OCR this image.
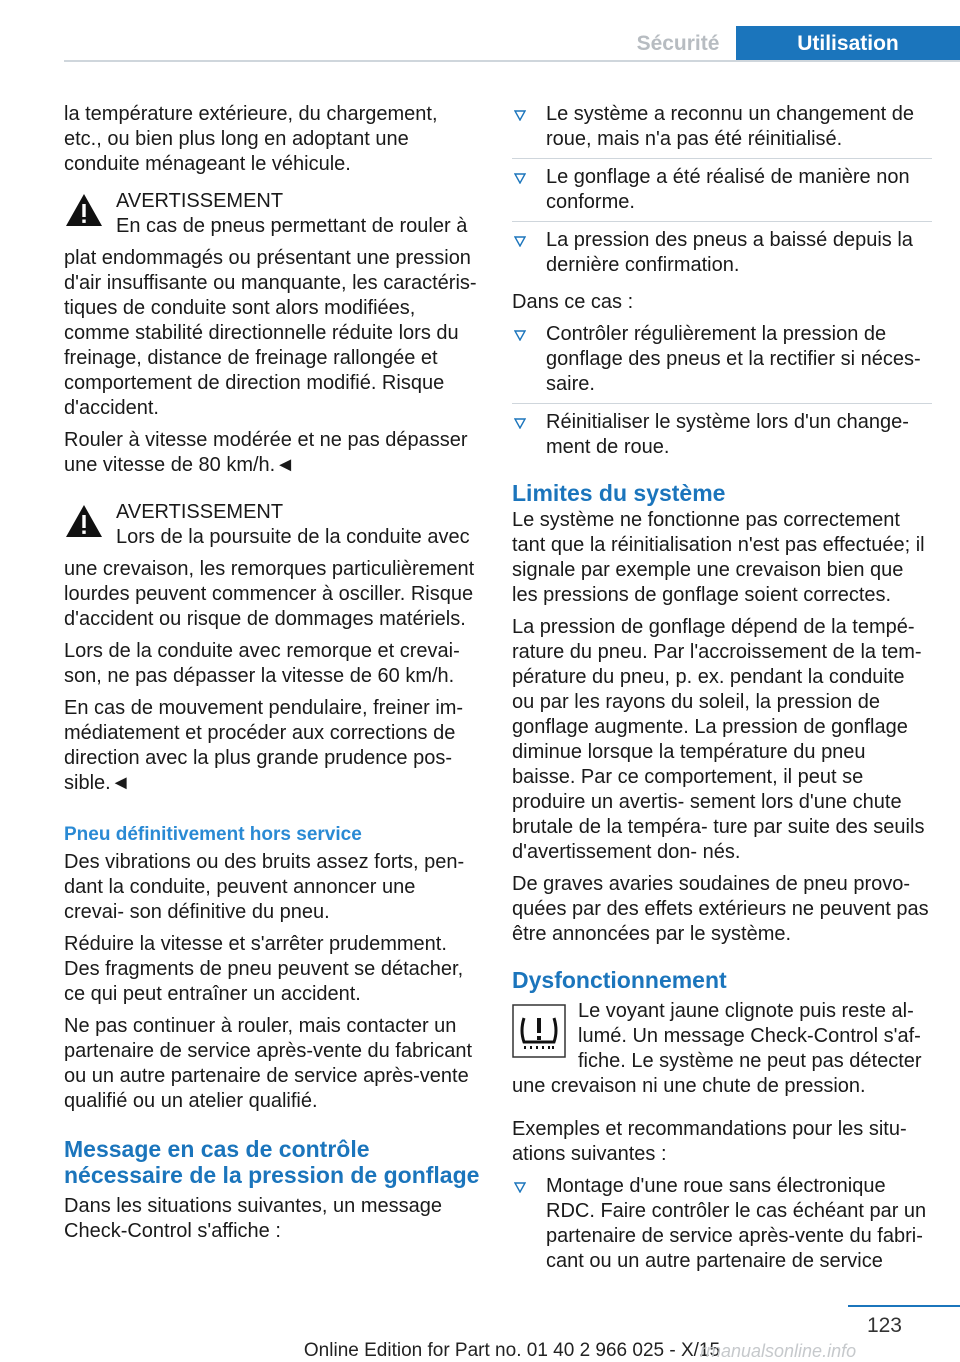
Sécurité	Utilisation

la température extérieure, du chargement, etc., ou bien plus long en adoptant une conduite ménageant le véhicule.

AVERTISSEMENT
En cas de pneus permettant de rouler à

plat endommagés ou présentant une pression d'air insuffisante ou manquante, les caractéris- tiques de conduite sont alors modifiées, comme stabilité directionnelle réduite lors du freinage, distance de freinage rallongée et comportement de direction modifié. Risque d'accident.

Rouler à vitesse modérée et ne pas dépasser une vitesse de 80 km/h.◄

AVERTISSEMENT
Lors de la poursuite de la conduite avec

une crevaison, les remorques particulièrement lourdes peuvent commencer à osciller. Risque d'accident ou risque de dommages matériels.

Lors de la conduite avec remorque et crevai- son, ne pas dépasser la vitesse de 60 km/h.

En cas de mouvement pendulaire, freiner im- médiatement et procéder aux corrections de direction avec la plus grande prudence pos- sible.◄

Pneu définitivement hors service

Des vibrations ou des bruits assez forts, pen- dant la conduite, peuvent annoncer une crevai- son définitive du pneu.

Réduire la vitesse et s'arrêter prudemment. Des fragments de pneu peuvent se détacher, ce qui peut entraîner un accident.

Ne pas continuer à rouler, mais contacter un partenaire de service après-vente du fabricant ou un autre partenaire de service après-vente qualifié ou un atelier qualifié.

Message en cas de contrôle nécessaire de la pression de gonflage

Dans les situations suivantes, un message Check-Control s'affiche :

Le système a reconnu un changement de roue, mais n'a pas été réinitialisé.
Le gonflage a été réalisé de manière non conforme.
La pression des pneus a baissé depuis la dernière confirmation.

Dans ce cas :

Contrôler régulièrement la pression de gonflage des pneus et la rectifier si néces- saire.
Réinitialiser le système lors d'un change- ment de roue.
Limites du système

Le système ne fonctionne pas correctement tant que la réinitialisation n'est pas effectuée; il signale par exemple une crevaison bien que les pressions de gonflage soient correctes.

La pression de gonflage dépend de la tempé- rature du pneu. Par l'accroissement de la tem- pérature du pneu, p. ex. pendant la conduite ou par les rayons du soleil, la pression de gonflage augmente. La pression de gonflage diminue lorsque la température du pneu baisse. Par ce comportement, il peut se produire un avertis- sement lors d'une chute brutale de la tempéra- ture par suite des seuils d'avertissement don- nés.

De graves avaries soudaines de pneu provo- quées par des effets extérieurs ne peuvent pas être annoncées par le système.

Dysfonctionnement

Le voyant jaune clignote puis reste al- lumé. Un message Check-Control s'af- fiche. Le système ne peut pas détecter une crevaison ni une chute de pression.

Exemples et recommandations pour les situ- ations suivantes :

Montage d'une roue sans électronique RDC. Faire contrôler le cas échéant par un partenaire de service après-vente du fabri- cant ou un autre partenaire de service
123
Online Edition for Part no. 01 40 2 966 025 - X/15
rmanualsonline.info
